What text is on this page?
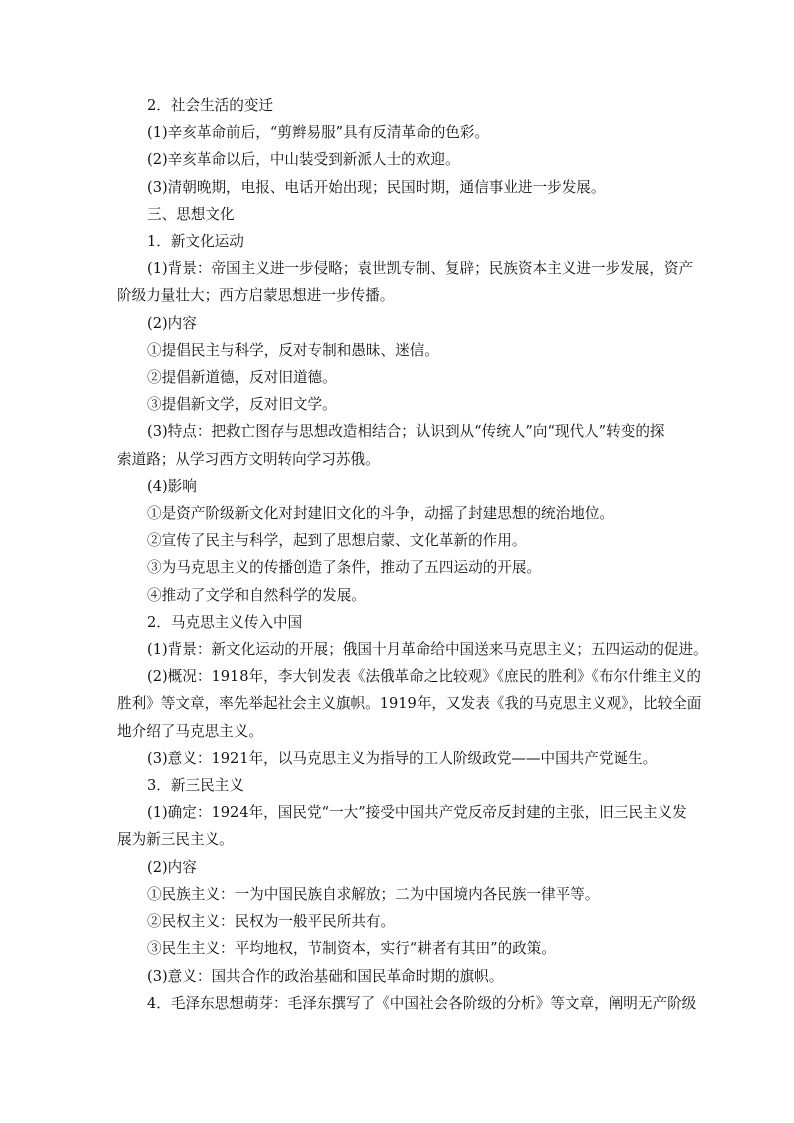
2．社会生活的变迁

(1)辛亥革命前后，“剪辫易服”具有反清革命的色彩。

(2)辛亥革命以后，中山装受到新派人士的欢迎。

(3)清朝晚期，电报、电话开始出现；民国时期，通信事业进一步发展。

三、思想文化

1．新文化运动

(1)背景：帝国主义进一步侵略；袁世凯专制、复辟；民族资本主义进一步发展，资产

阶级力量壮大；西方启蒙思想进一步传播。

(2)内容

①提倡民主与科学，反对专制和愚昧、迷信。

②提倡新道德，反对旧道德。

③提倡新文学，反对旧文学。

(3)特点：把救亡图存与思想改造相结合；认识到从“传统人”向“现代人”转变的探

索道路；从学习西方文明转向学习苏俄。

(4)影响

①是资产阶级新文化对封建旧文化的斗争，动摇了封建思想的统治地位。

②宣传了民主与科学，起到了思想启蒙、文化革新的作用。

③为马克思主义的传播创造了条件，推动了五四运动的开展。

④推动了文学和自然科学的发展。

2．马克思主义传入中国

(1)背景：新文化运动的开展；俄国十月革命给中国送来马克思主义；五四运动的促进。

(2)概况：1918年，李大钊发表《法俄革命之比较观》《庶民的胜利》《布尔什维主义的

胜利》等文章，率先举起社会主义旗帜。1919年，又发表《我的马克思主义观》，比较全面

地介绍了马克思主义。

(3)意义：1921年，以马克思主义为指导的工人阶级政党——中国共产党诞生。

3．新三民主义

(1)确定：1924年，国民党“一大”接受中国共产党反帝反封建的主张，旧三民主义发

展为新三民主义。

(2)内容

①民族主义：一为中国民族自求解放；二为中国境内各民族一律平等。

②民权主义：民权为一般平民所共有。

③民生主义：平均地权，节制资本，实行“耕者有其田”的政策。

(3)意义：国共合作的政治基础和国民革命时期的旗帜。

4．毛泽东思想萌芽：毛泽东撰写了《中国社会各阶级的分析》等文章，阐明无产阶级
